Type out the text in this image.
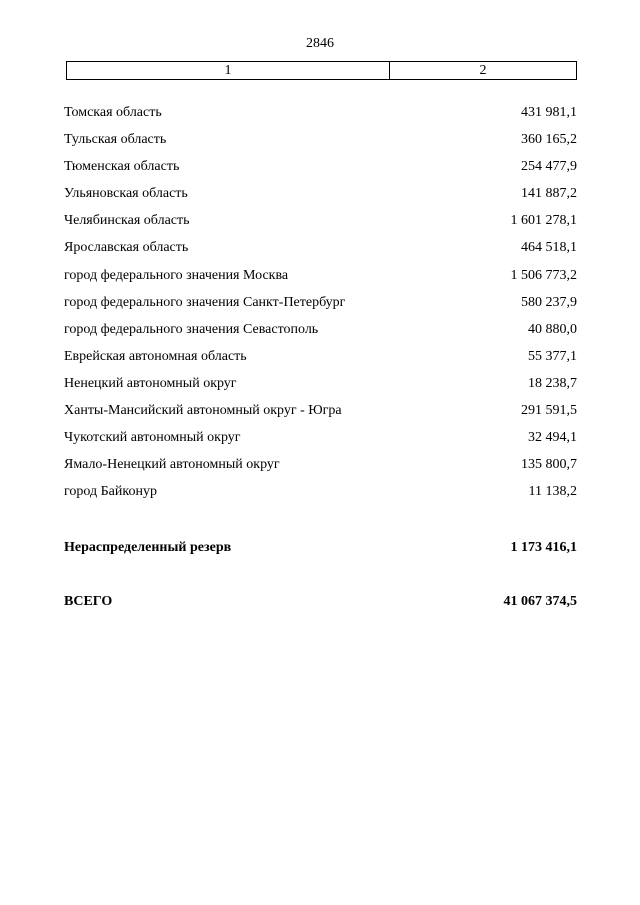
2846
1	2
Томская область	431 981,1
Тульская область	360 165,2
Тюменская область	254 477,9
Ульяновская область	141 887,2
Челябинская область	1 601 278,1
Ярославская область	464 518,1
город федерального значения Москва	1 506 773,2
город федерального значения Санкт-Петербург	580 237,9
город федерального значения Севастополь	40 880,0
Еврейская автономная область	55 377,1
Ненецкий автономный округ	18 238,7
Ханты-Мансийский автономный округ - Югра	291 591,5
Чукотский автономный округ	32 494,1
Ямало-Ненецкий автономный округ	135 800,7
город Байконур	11 138,2
Нераспределенный резерв	1 173 416,1
ВСЕГО	41 067 374,5
